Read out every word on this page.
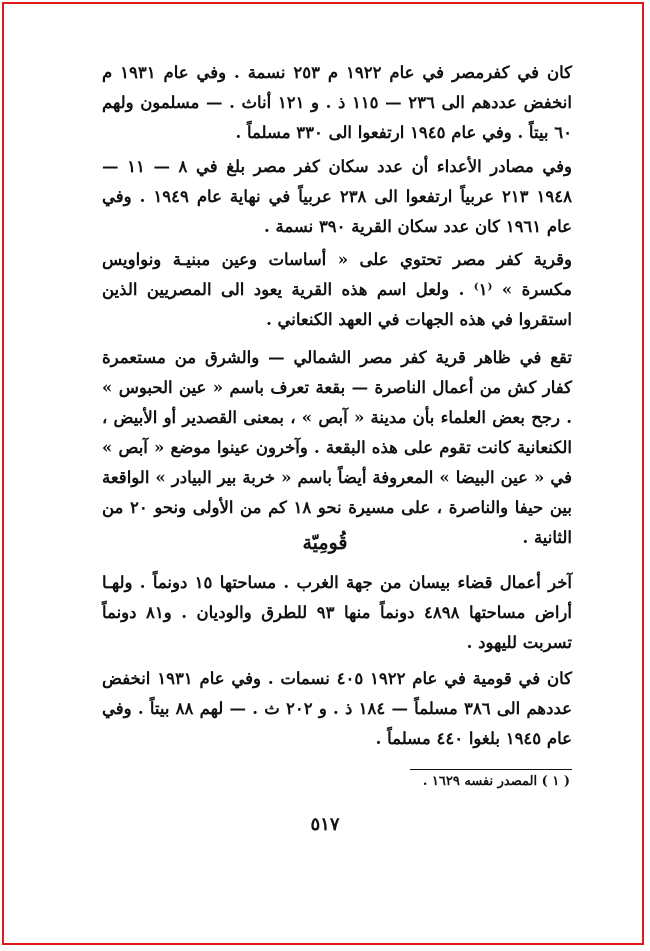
كان في كفرمصر في عام ١٩٢٢ م ٢٥٣ نسمة . وفي عام ١٩٣١ م انخفض عددهم الى ٢٣٦ — ١١٥ ذ . و ١٢١ أناث . — مسلمون ولهم ٦٠ بيتاً . وفي عام ١٩٤٥ ارتفعوا الى ٣٣٠ مسلماً .

وفي مصادر الأعداء أن عدد سكان كفر مصر بلغ في ٨ — ١١ — ١٩٤٨ ٢١٣ عربياً ارتفعوا الى ٢٣٨ عربياً في نهاية عام ١٩٤٩ . وفي عام ١٩٦١ كان عدد سكان القرية ٣٩٠ نسمة .

وقرية كفر مصر تحتوي على « أساسات وعين مبنيـة ونواويس مكسرة » ⁽١⁾ . ولعل اسم هذه القرية يعود الى المصريين الذين استقروا في هذه الجهات في العهد الكنعاني .

تقع في ظاهر قرية كفر مصر الشمالي — والشرق من مستعمرة كفار كش من أعمال الناصرة — بقعة تعرف باسم « عين الحبوس » . رجح بعض العلماء بأن مدينة « آبص » ، بمعنى القصدير أو الأبيض ، الكنعانية كانت تقوم على هذه البقعة . وآخرون عينوا موضع « آبص » في « عين البيضا » المعروفة أيضاً باسم « خربة بير البيادر » الواقعة بين حيفا والناصرة ، على مسيرة نحو ١٨ كم من الأولى ونحو ٢٠ من الثانية .

قُومِيّة

آخر أعمال قضاء بيسان من جهة الغرب . مساحتها ١٥ دونماً . ولهـا أراض مساحتها ٤٨٩٨ دونماً منها ٩٣ للطرق والوديان . و٨١ دونماً تسربت لليهود .

كان في قومية في عام ١٩٢٢ ٤٠٥ نسمات . وفي عام ١٩٣١ انخفض عددهم الى ٣٨٦ مسلماً — ١٨٤ ذ . و ٢٠٢ ث . — لهم ٨٨ بيتاً . وفي عام ١٩٤٥ بلغوا ٤٤٠ مسلماً .

( ١ ) المصدر نفسه ١٦٢٩ .
٥١٧
